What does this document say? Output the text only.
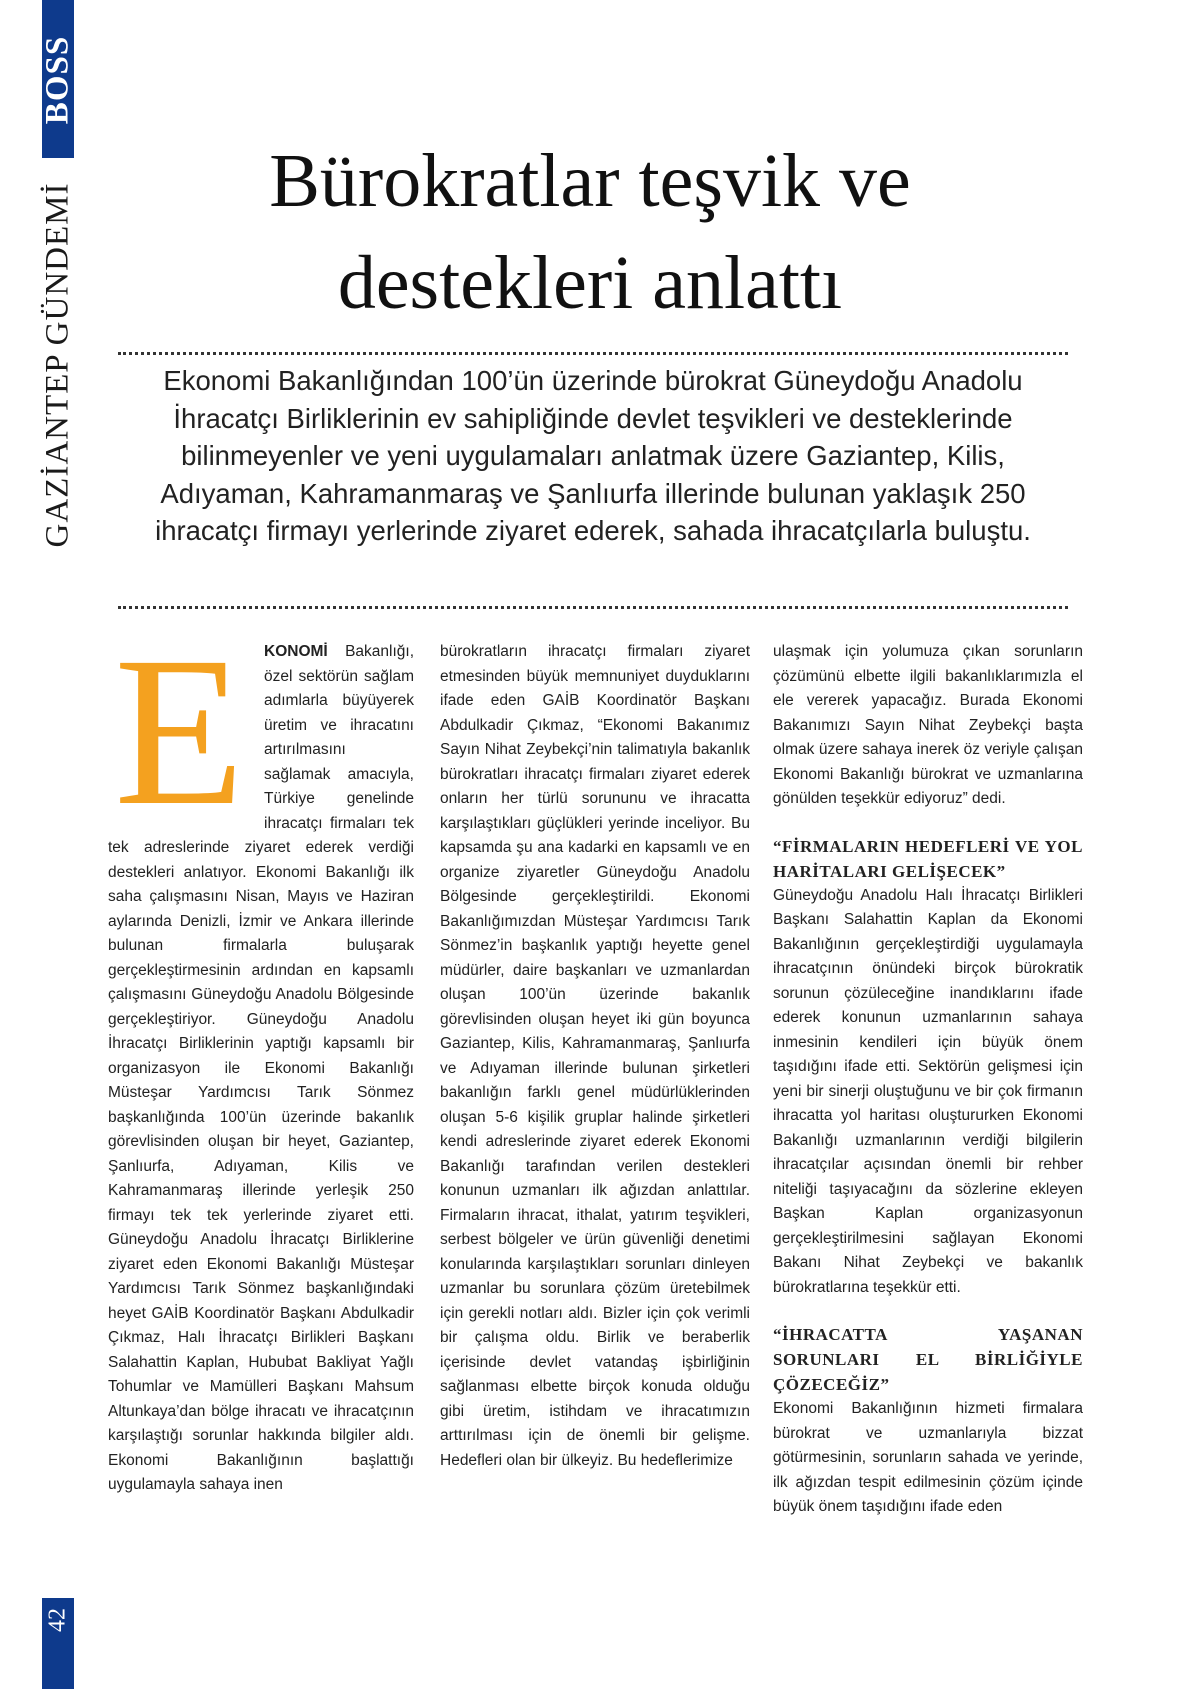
BOSS
GAZİANTEP GÜNDEMİ
42
Bürokratlar teşvik ve destekleri anlattı

Ekonomi Bakanlığından 100’ün üzerinde bürokrat Güneydoğu Anadolu İhracatçı Birliklerinin ev sahipliğinde devlet teşvikleri ve desteklerinde bilinmeyenler ve yeni uygulamaları anlatmak üzere Gaziantep, Kilis, Adıyaman, Kahramanmaraş ve Şanlıurfa illerinde bulunan yaklaşık 250 ihracatçı firmayı yerlerinde ziyaret ederek, sahada ihracatçılarla buluştu.

E	KONOMİ Bakanlığı, özel sektörün sağlam adımlarla büyüyerek üretim ve ihracatını artırılmasını sağlamak amacıyla, Türkiye genelinde ihracatçı firmaları tek tek adreslerinde ziyaret ederek verdiği destekleri anlatıyor. Ekonomi Bakanlığı ilk saha çalışmasını Nisan, Mayıs ve Haziran aylarında Denizli, İzmir ve Ankara illerinde bulunan firmalarla buluşarak gerçekleştirmesinin ardından en kapsamlı çalışmasını Güneydoğu Anadolu Bölgesinde gerçekleştiriyor. Güneydoğu Anadolu İhracatçı Birliklerinin yaptığı kapsamlı bir organizasyon ile Ekonomi Bakanlığı Müsteşar Yardımcısı Tarık Sönmez başkanlığında 100’ün üzerinde bakanlık görevlisinden oluşan bir heyet, Gaziantep, Şanlıurfa, Adıyaman, Kilis ve Kahramanmaraş illerinde yerleşik 250 firmayı tek tek yerlerinde ziyaret etti. Güneydoğu Anadolu İhracatçı Birliklerine ziyaret eden Ekonomi Bakanlığı Müsteşar Yardımcısı Tarık Sönmez başkanlığındaki heyet GAİB Koordinatör Başkanı Abdulkadir Çıkmaz, Halı İhracatçı Birlikleri Başkanı Salahattin Kaplan, Hububat Bakliyat Yağlı Tohumlar ve Mamülleri Başkanı Mahsum Altunkaya’dan bölge ihracatı ve ihracatçının karşılaştığı sorunlar hakkında bilgiler aldı. Ekonomi Bakanlığının başlattığı uygulamayla sahaya inen

bürokratların ihracatçı firmaları ziyaret etmesinden büyük memnuniyet duyduklarını ifade eden GAİB Koordinatör Başkanı Abdulkadir Çıkmaz, “Ekonomi Bakanımız Sayın Nihat Zeybekçi’nin talimatıyla bakanlık bürokratları ihracatçı firmaları ziyaret ederek onların her türlü sorununu ve ihracatta karşılaştıkları güçlükleri yerinde inceliyor. Bu kapsamda şu ana kadarki en kapsamlı ve en organize ziyaretler Güneydoğu Anadolu Bölgesinde gerçekleştirildi. Ekonomi Bakanlığımızdan Müsteşar Yardımcısı Tarık Sönmez’in başkanlık yaptığı heyette genel müdürler, daire başkanları ve uzmanlardan oluşan 100’ün üzerinde bakanlık görevlisinden oluşan heyet iki gün boyunca Gaziantep, Kilis, Kahramanmaraş, Şanlıurfa ve Adıyaman illerinde bulunan şirketleri bakanlığın farklı genel müdürlüklerinden oluşan 5-6 kişilik gruplar halinde şirketleri kendi adreslerinde ziyaret ederek Ekonomi Bakanlığı tarafından verilen destekleri konunun uzmanları ilk ağızdan anlattılar. Firmaların ihracat, ithalat, yatırım teşvikleri, serbest bölgeler ve ürün güvenliği denetimi konularında karşılaştıkları sorunları dinleyen uzmanlar bu sorunlara çözüm üretebilmek için gerekli notları aldı. Bizler için çok verimli bir çalışma oldu. Birlik ve beraberlik içerisinde devlet vatandaş işbirliğinin sağlanması elbette birçok konuda olduğu gibi üretim, istihdam ve ihracatımızın arttırılması için de önemli bir gelişme. Hedefleri olan bir ülkeyiz. Bu hedeflerimize

ulaşmak için yolumuza çıkan sorunların çözümünü elbette ilgili bakanlıklarımızla el ele vererek yapacağız. Burada Ekonomi Bakanımızı Sayın Nihat Zeybekçi başta olmak üzere sahaya inerek öz veriyle çalışan Ekonomi Bakanlığı bürokrat ve uzmanlarına gönülden teşekkür ediyoruz” dedi.

“FİRMALARIN HEDEFLERİ VE YOL HARİTALARI GELİŞECEK”

Güneydoğu Anadolu Halı İhracatçı Birlikleri Başkanı Salahattin Kaplan da Ekonomi Bakanlığının gerçekleştirdiği uygulamayla ihracatçının önündeki birçok bürokratik sorunun çözüleceğine inandıklarını ifade ederek konunun uzmanlarının sahaya inmesinin kendileri için büyük önem taşıdığını ifade etti. Sektörün gelişmesi için yeni bir sinerji oluştuğunu ve bir çok firmanın ihracatta yol haritası oluştururken Ekonomi Bakanlığı uzmanlarının verdiği bilgilerin ihracatçılar açısından önemli bir rehber niteliği taşıyacağını da sözlerine ekleyen Başkan Kaplan organizasyonun gerçekleştirilmesini sağlayan Ekonomi Bakanı Nihat Zeybekçi ve bakanlık bürokratlarına teşekkür etti.

“İHRACATTA YAŞANAN SORUNLARI EL BİRLİĞİYLE ÇÖZECEĞİZ”

Ekonomi Bakanlığının hizmeti firmalara bürokrat ve uzmanlarıyla bizzat götürmesinin, sorunların sahada ve yerinde, ilk ağızdan tespit edilmesinin çözüm içinde büyük önem taşıdığını ifade eden
